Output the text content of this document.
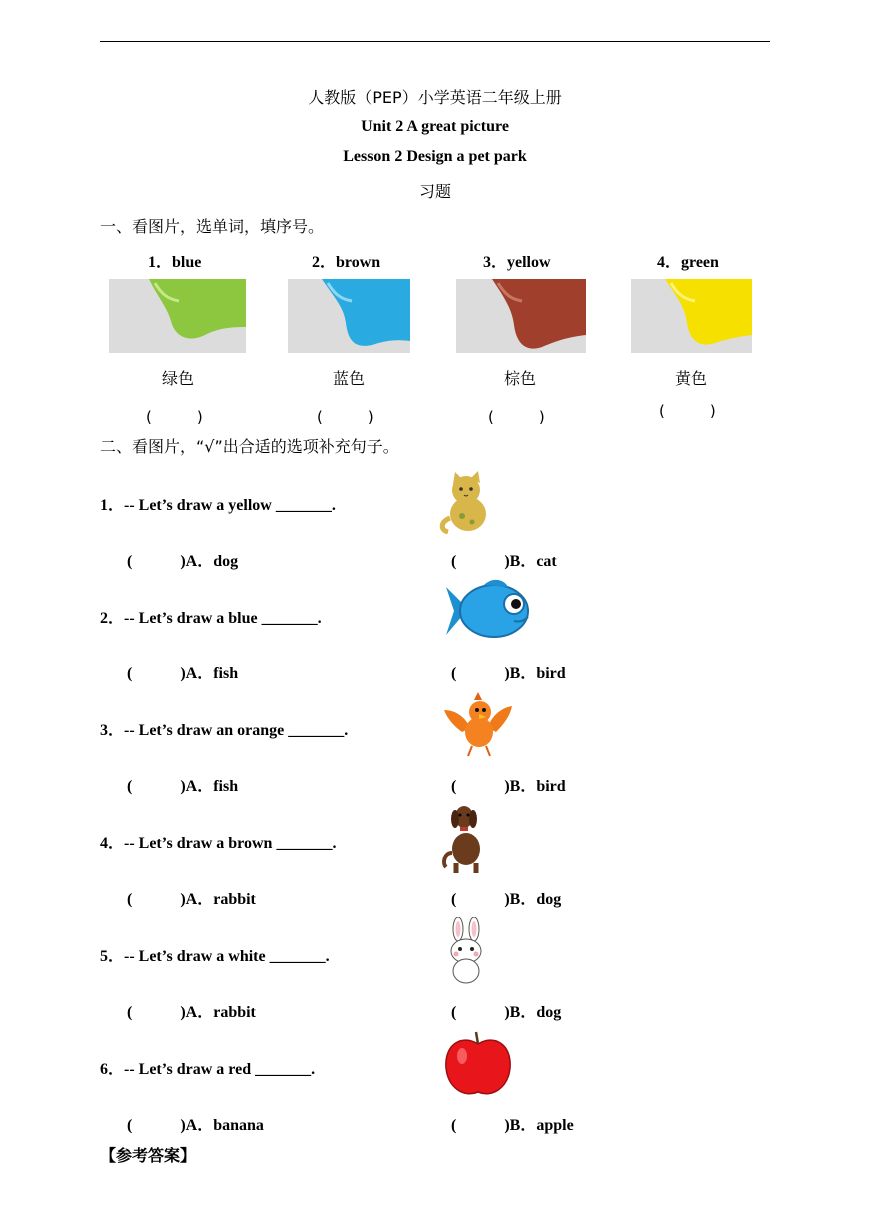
人教版（PEP）小学英语二年级上册
Unit 2 A great picture
Lesson 2 Design a pet park
习题
一、看图片，选单词，填序号。
1．blue	2．brown	3．yellow	4．green
绿色	蓝色	棕色	黄色
(　　　)	(　　　)	(　　　)	(　　　)
二、看图片，“√”出合适的选项补充句子。
1．-- Let’s draw a yellow _______.
(　　　)A．dog	(　　　)B．cat
2．-- Let’s draw a blue _______.
(　　　)A．fish	(　　　)B．bird
3．-- Let’s draw an orange _______.
(　　　)A．fish	(　　　)B．bird
4．-- Let’s draw a brown _______.
(　　　)A．rabbit	(　　　)B．dog
5．-- Let’s draw a white _______.
(　　　)A．rabbit	(　　　)B．dog
6．-- Let’s draw a red _______.
(　　　)A．banana	(　　　)B．apple
【参考答案】
